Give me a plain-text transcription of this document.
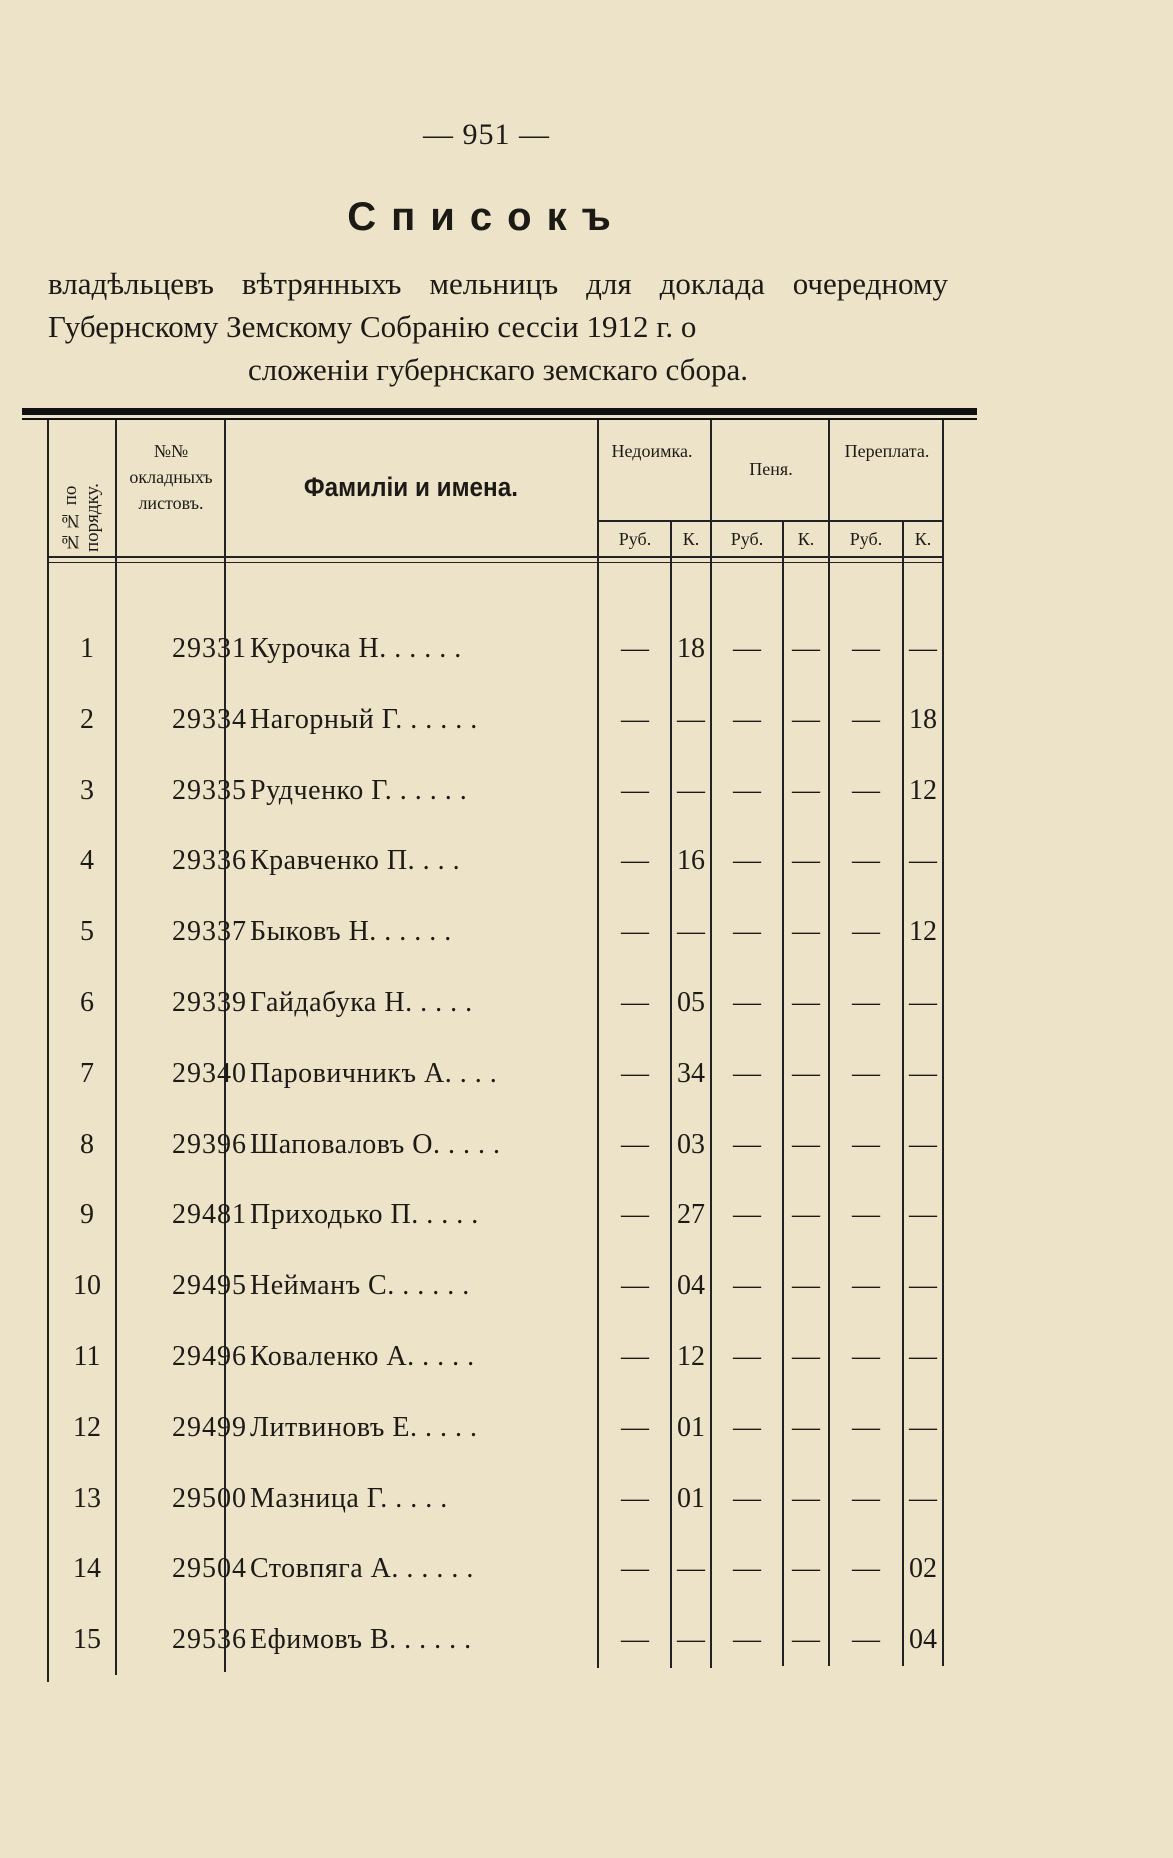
— 951 —
Списокъ
владѣльцевъ вѣтрянныхъ мельницъ для доклада очередному Губернскому Земскому Собранію сессіи 1912 г. о
сложеніи губернскаго земскаго сбора.
№№ по порядку.
№№ окладныхъ листовъ.
Фамиліи и имена.
Недоимка.
Пеня.
Переплата.
Руб.	К.	Руб.	К.	Руб.	К.
1	29331 Курочка Н. . . . . .	—	18	—	—	—	—
2	29334 Нагорный Г. . . . . .	—	—	—	—	—	18
3	29335 Рудченко Г. . . . . .	—	—	—	—	—	12
4	29336 Кравченко П. . . .	—	16	—	—	—	—
5	29337 Быковъ Н. . . . . .	—	—	—	—	—	12
6	29339 Гайдабука Н. . . . .	—	05	—	—	—	—
7	29340 Паровичникъ А. . . .	—	34	—	—	—	—
8	29396 Шаповаловъ О. . . . .	—	03	—	—	—	—
9	29481 Приходько П. . . . .	—	27	—	—	—	—
10	29495 Нейманъ С. . . . . .	—	04	—	—	—	—
11	29496 Коваленко А. . . . .	—	12	—	—	—	—
12	29499 Литвиновъ Е. . . . .	—	01	—	—	—	—
13	29500 Мазница Г. . . . .	—	01	—	—	—	—
14	29504 Стовпяга А. . . . . .	—	—	—	—	—	02
15	29536 Ефимовъ В. . . . . .	—	—	—	—	—	04
